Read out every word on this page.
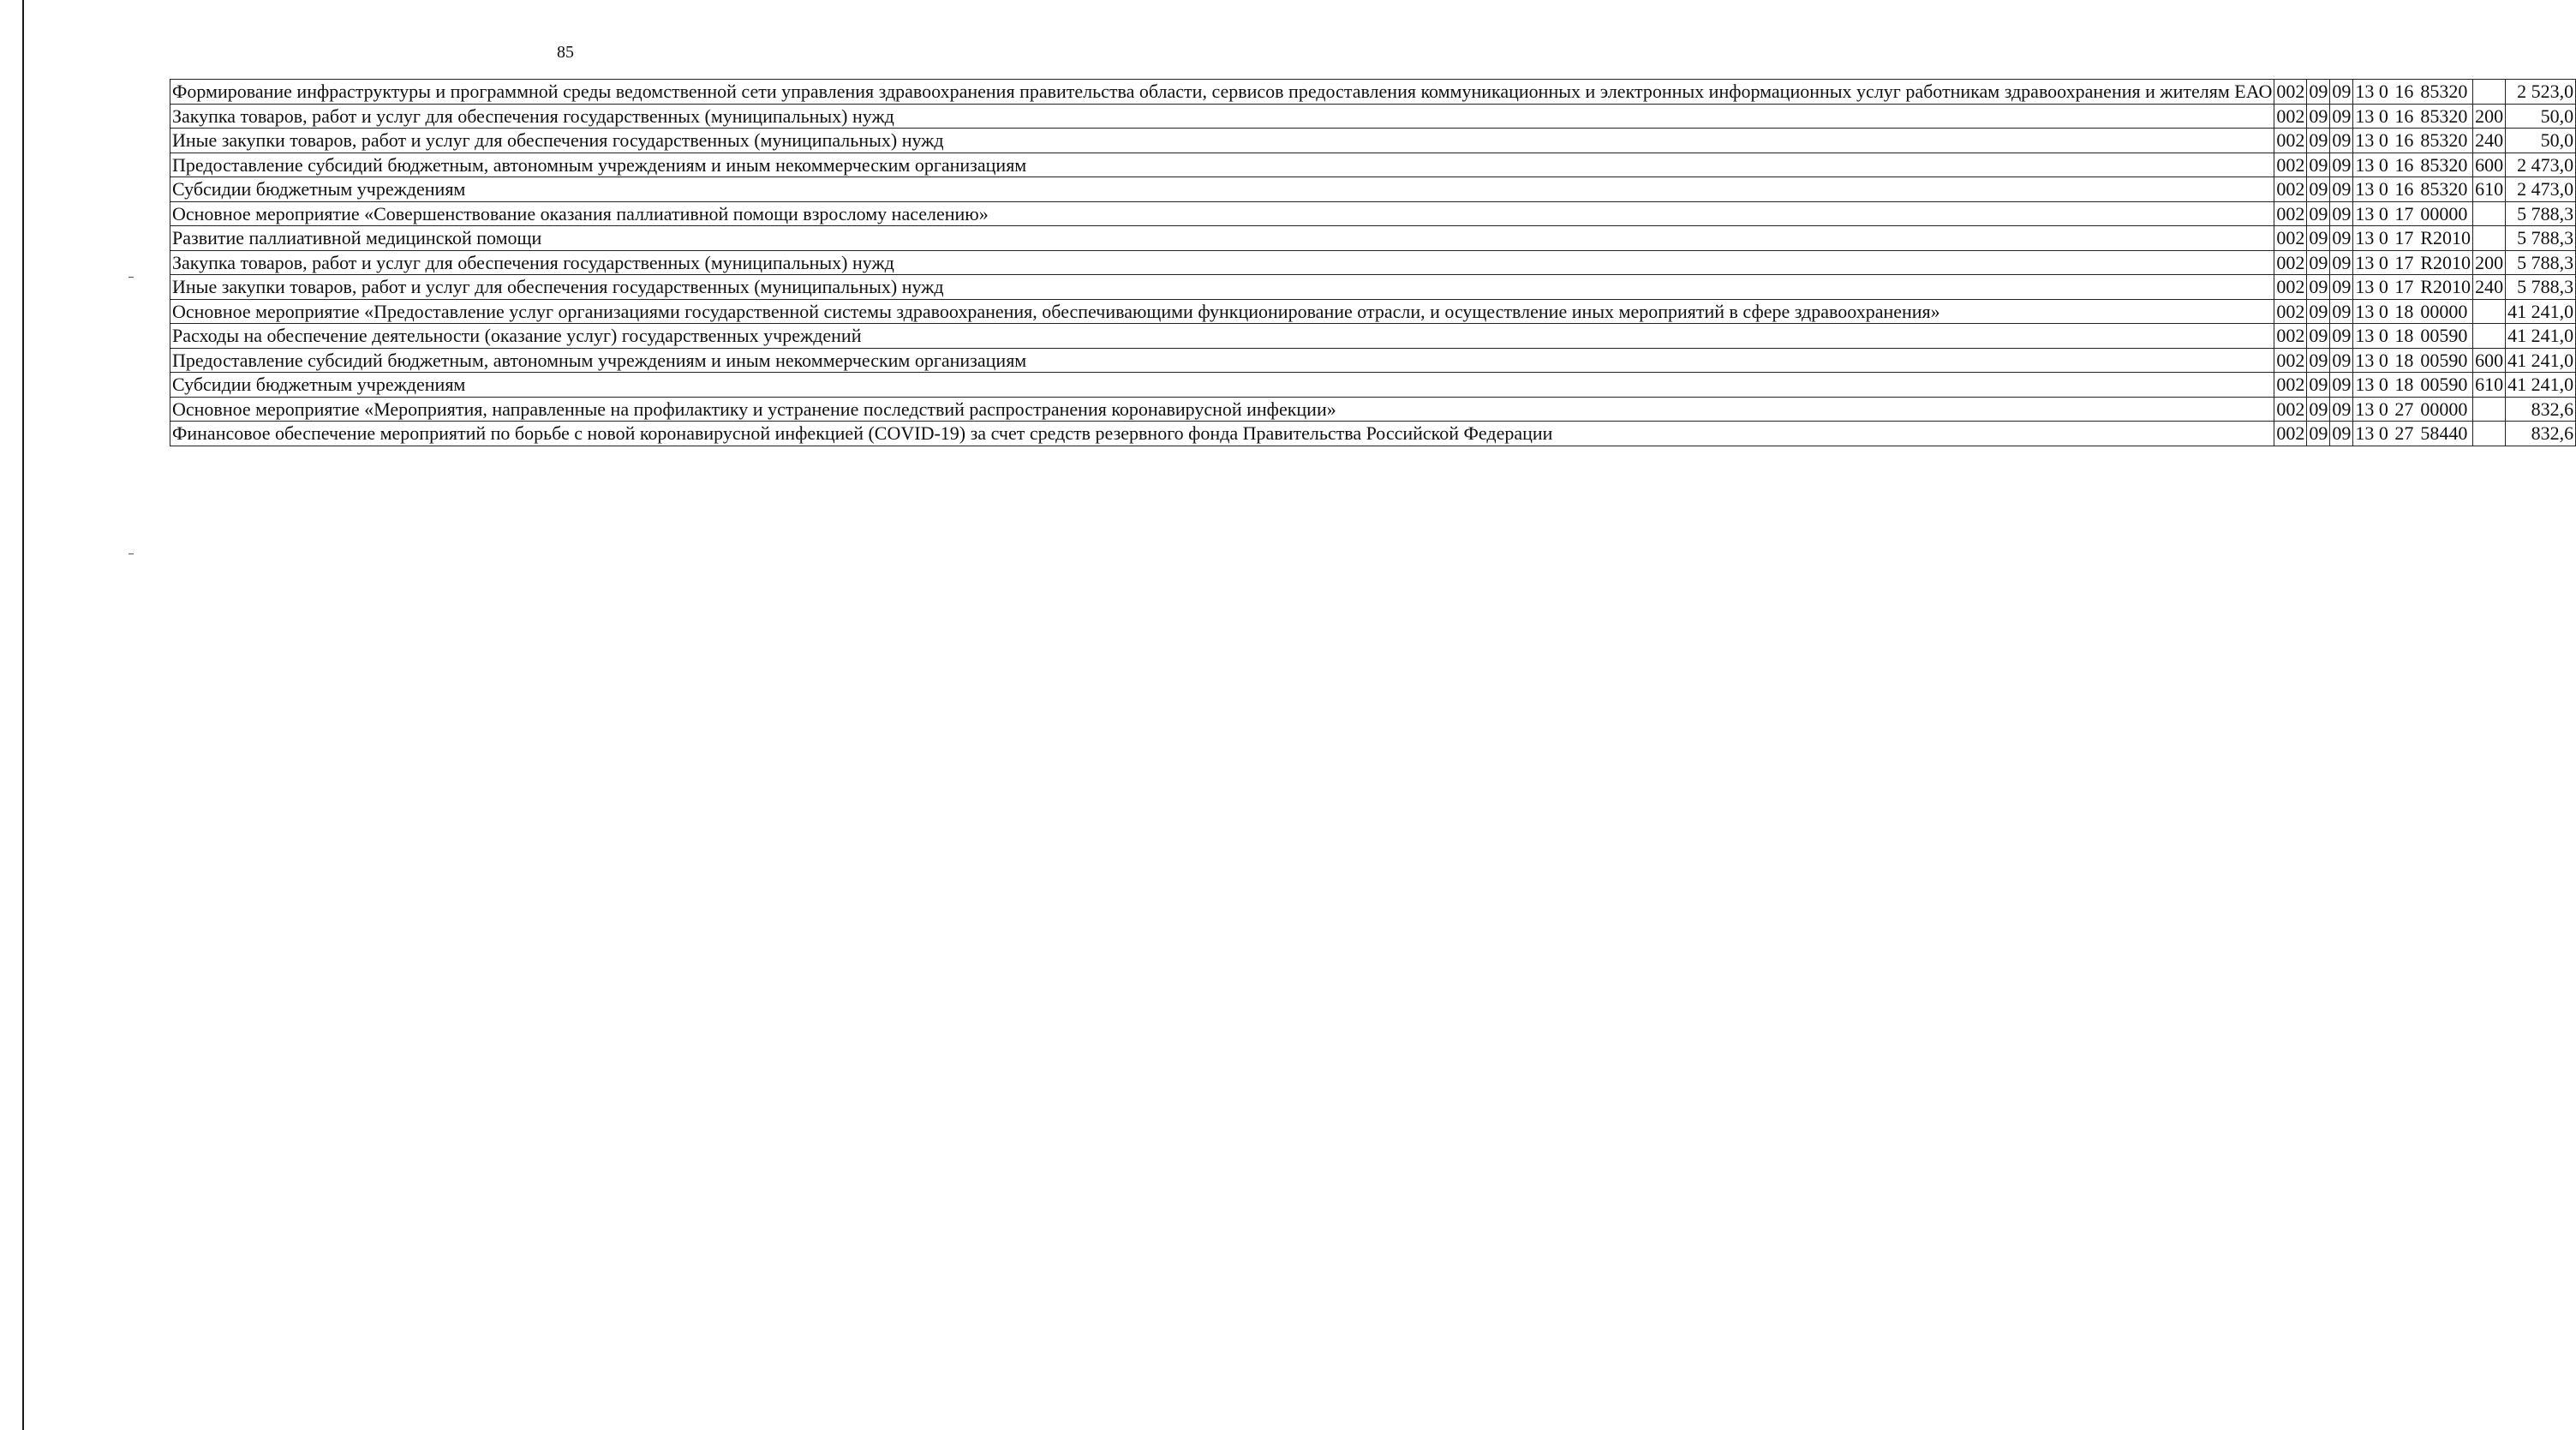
85
Формирование инфраструктуры и программной среды ведомственной сети управления здравоохранения правительства области, сервисов предоставления коммуникационных и электронных информационных услуг работникам здравоохранения и жителям ЕАО	002	09	09	13 0 16 85320		2 523,0
Закупка товаров, работ и услуг для обеспечения государственных (муниципальных) нужд	002	09	09	13 0 16 85320	200	50,0
Иные закупки товаров, работ и услуг для обеспечения государственных (муниципальных) нужд	002	09	09	13 0 16 85320	240	50,0
Предоставление субсидий бюджетным, автономным учреждениям и иным некоммерческим организациям	002	09	09	13 0 16 85320	600	2 473,0
Субсидии бюджетным учреждениям	002	09	09	13 0 16 85320	610	2 473,0
Основное мероприятие «Совершенствование оказания паллиативной помощи взрослому населению»	002	09	09	13 0 17 00000		5 788,3
Развитие паллиативной медицинской помощи	002	09	09	13 0 17 R2010		5 788,3
Закупка товаров, работ и услуг для обеспечения государственных (муниципальных) нужд	002	09	09	13 0 17 R2010	200	5 788,3
Иные закупки товаров, работ и услуг для обеспечения государственных (муниципальных) нужд	002	09	09	13 0 17 R2010	240	5 788,3
Основное мероприятие «Предоставление услуг организациями государственной системы здравоохранения, обеспечивающими функционирование отрасли, и осуществление иных мероприятий в сфере здравоохранения»	002	09	09	13 0 18 00000		41 241,0
Расходы на обеспечение деятельности (оказание услуг) государственных учреждений	002	09	09	13 0 18 00590		41 241,0
Предоставление субсидий бюджетным, автономным учреждениям и иным некоммерческим организациям	002	09	09	13 0 18 00590	600	41 241,0
Субсидии бюджетным учреждениям	002	09	09	13 0 18 00590	610	41 241,0
Основное мероприятие «Мероприятия, направленные на профилактику и устранение последствий распространения коронавирусной инфекции»	002	09	09	13 0 27 00000		832,6
Финансовое обеспечение мероприятий по борьбе с новой коронавирусной инфекцией (COVID-19) за счет средств резервного фонда Правительства Российской Федерации	002	09	09	13 0 27 58440		832,6
